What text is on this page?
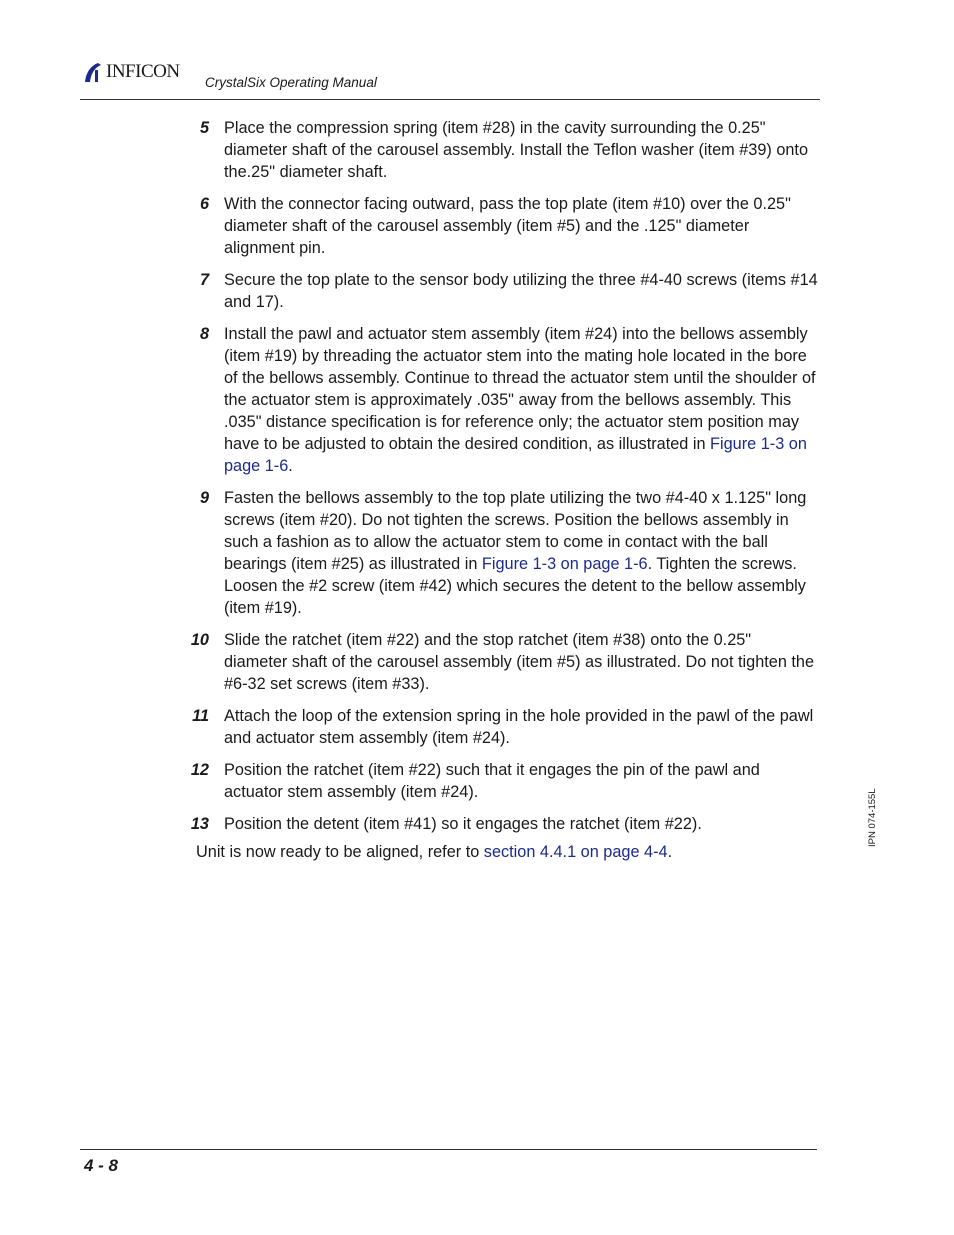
INFICON
CrystalSix Operating Manual
5 Place the compression spring (item #28) in the cavity surrounding the 0.25" diameter shaft of the carousel assembly. Install the Teflon washer (item #39) onto the.25" diameter shaft.
6 With the connector facing outward, pass the top plate (item #10) over the 0.25" diameter shaft of the carousel assembly (item #5) and the .125" diameter alignment pin.
7 Secure the top plate to the sensor body utilizing the three #4-40 screws (items #14 and 17).
8 Install the pawl and actuator stem assembly (item #24) into the bellows assembly (item #19) by threading the actuator stem into the mating hole located in the bore of the bellows assembly. Continue to thread the actuator stem until the shoulder of the actuator stem is approximately .035" away from the bellows assembly. This .035" distance specification is for reference only; the actuator stem position may have to be adjusted to obtain the desired condition, as illustrated in Figure 1-3 on page 1-6.
9 Fasten the bellows assembly to the top plate utilizing the two #4-40 x 1.125" long screws (item #20). Do not tighten the screws. Position the bellows assembly in such a fashion as to allow the actuator stem to come in contact with the ball bearings (item #25) as illustrated in Figure 1-3 on page 1-6. Tighten the screws. Loosen the #2 screw (item #42) which secures the detent to the bellow assembly (item #19).
10 Slide the ratchet (item #22) and the stop ratchet (item #38) onto the 0.25" diameter shaft of the carousel assembly (item #5) as illustrated. Do not tighten the #6-32 set screws (item #33).
11 Attach the loop of the extension spring in the hole provided in the pawl of the pawl and actuator stem assembly (item #24).
12 Position the ratchet (item #22) such that it engages the pin of the pawl and actuator stem assembly (item #24).
13 Position the detent (item #41) so it engages the ratchet (item #22).
Unit is now ready to be aligned, refer to section 4.4.1 on page 4-4.
IPN 074-155L
4 - 8
